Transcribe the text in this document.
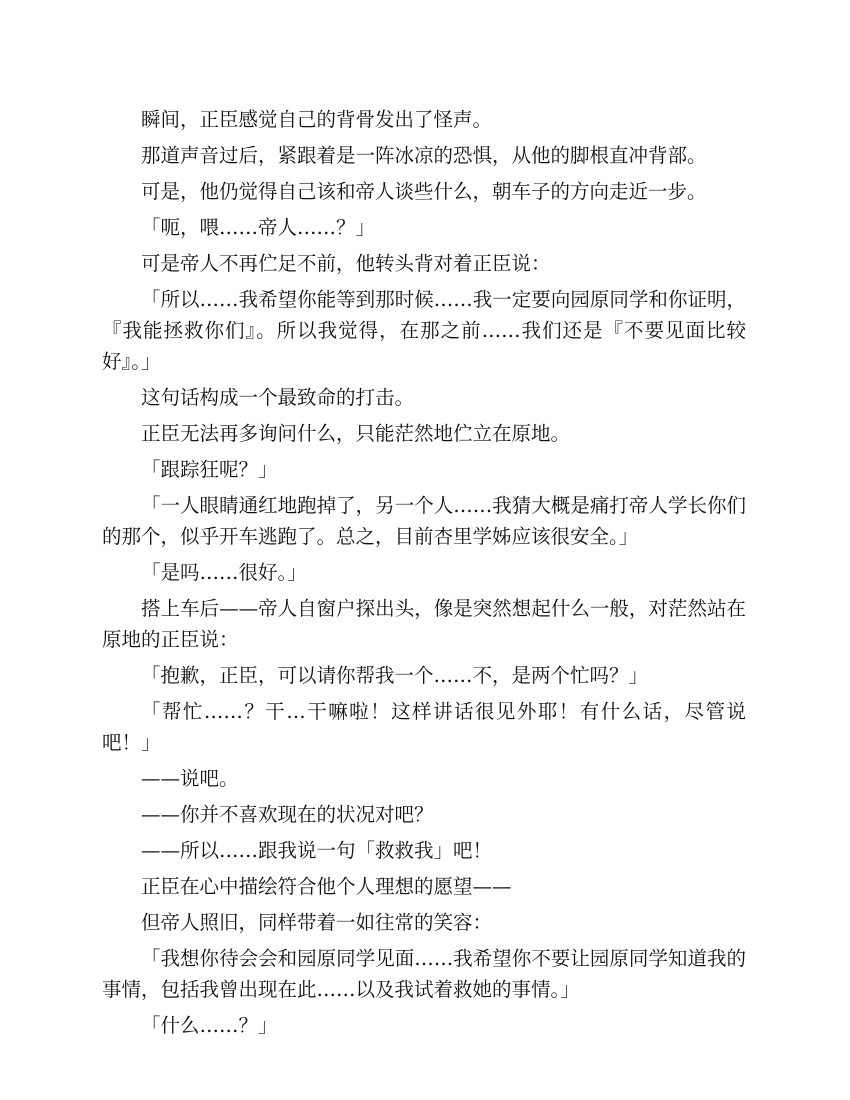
瞬间，正臣感觉自己的背骨发出了怪声。

那道声音过后，紧跟着是一阵冰凉的恐惧，从他的脚根直冲背部。

可是，他仍觉得自己该和帝人谈些什么，朝车子的方向走近一步。

「呃，喂……帝人……？」

可是帝人不再伫足不前，他转头背对着正臣说：

「所以……我希望你能等到那时候……我一定要向园原同学和你证明，『我能拯救你们』。所以我觉得，在那之前……我们还是『不要见面比较好』。」

这句话构成一个最致命的打击。

正臣无法再多询问什么，只能茫然地伫立在原地。

「跟踪狂呢？」

「一人眼睛通红地跑掉了，另一个人……我猜大概是痛打帝人学长你们的那个，似乎开车逃跑了。总之，目前杏里学姊应该很安全。」

「是吗……很好。」

搭上车后——帝人自窗户探出头，像是突然想起什么一般，对茫然站在原地的正臣说：

「抱歉，正臣，可以请你帮我一个……不，是两个忙吗？」

「帮忙……？干…干嘛啦！这样讲话很见外耶！有什么话，尽管说吧！」

——说吧。

——你并不喜欢现在的状况对吧？

——所以……跟我说一句「救救我」吧！

正臣在心中描绘符合他个人理想的愿望——

但帝人照旧，同样带着一如往常的笑容：

「我想你待会会和园原同学见面……我希望你不要让园原同学知道我的事情，包括我曾出现在此……以及我试着救她的事情。」

「什么……？」
